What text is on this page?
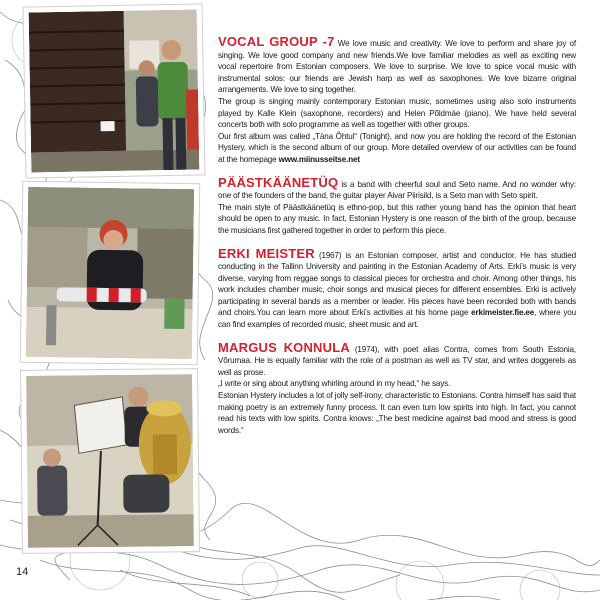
VOCAL GROUP -7 We love music and creativity. We love to perform and share joy of singing. We love good company and new friends.We love familiar melodies as well as exciting new vocal repertoire from Estonian composers. We love to surprise. We love to spice vocal music with instrumental solos: our friends are Jewish harp as well as saxophones. We love bizarre original arrangements. We love to sing together.

The group is singing mainly contemporary Estonian music, sometimes using also solo instruments played by Kalle Klein (saxophone, recorders) and Helen Põldmäe (piano). We have held several concerts both with solo programme as well as together with other groups.

Our first album was called „Täna Õhtul“ (Tonight), and now you are holding the record of the Estonian Hystery, which is the second album of our group. More detailed overview of our activities can be found at the homepage www.miinusseitse.net

PÄÄSTKÄÄNETÜQ is a band with cheerful soul and Seto name. And no wonder why: one of the founders of the band, the guitar player Aivar Piirisild, is a Seto man with Seto spirit.

The main style of Päästkäänetüq is ethno-pop, but this rather young band has the opinion that heart should be open to any music. In fact, Estonian Hystery is one reason of the birth of the group, because the musicians first gathered together in order to perform this piece.

ERKI MEISTER (1967) is an Estonian composer, artist and conductor. He has studied conducting in the Tallinn University and painting in the Estonian Academy of Arts. Erki’s music is very diverse, varying from reggae songs to classical pieces for orchestra and choir. Among other things, his work includes chamber music, choir songs and musical pieces for different ensembles. Erki is actively participating in several bands as a member or leader. His pieces have been recorded both with bands and choirs.You can learn more about Erki’s activities at his home page erkimeister.fie.ee, where you can find examples of recorded music, sheet music and art.

MARGUS KONNULA (1974), with poet alias Contra, comes from South Estonia, Võrumaa. He is equally familiar with the role of a postman as well as TV star, and writes doggerels as well as prose.

„I write or sing about anything whirling around in my head,“ he says.

Estonian Hystery includes a lot of jolly self-irony, characteristic to Estonians. Contra himself has said that making poetry is an extremely funny process. It can even turn low spirits into high. In fact, you cannot read his texts with low spirits. Contra knows: „The best medicine against bad mood and stress is good words.“

14
